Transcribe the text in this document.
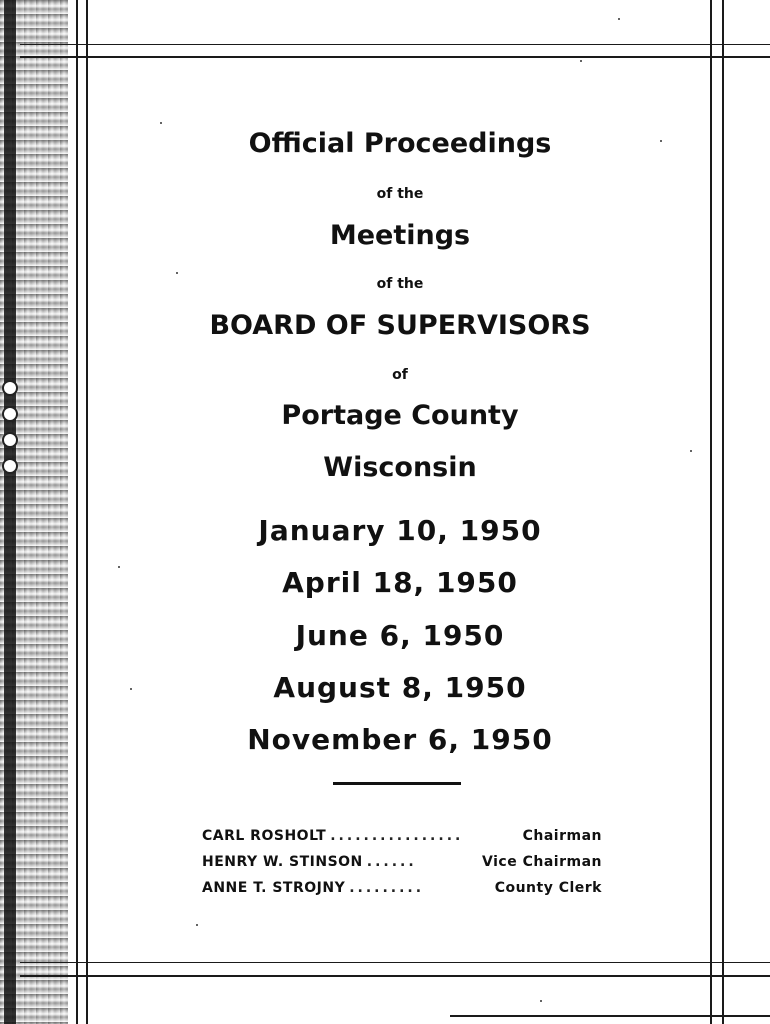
Official Proceedings
of the
Meetings
of the
BOARD OF SUPERVISORS
of
Portage County
Wisconsin
January 10, 1950
April 18, 1950
June 6, 1950
August 8, 1950
November 6, 1950
CARL ROSHOLT ................	Chairman
HENRY W. STINSON ......	Vice Chairman
ANNE T. STROJNY .........	County Clerk
